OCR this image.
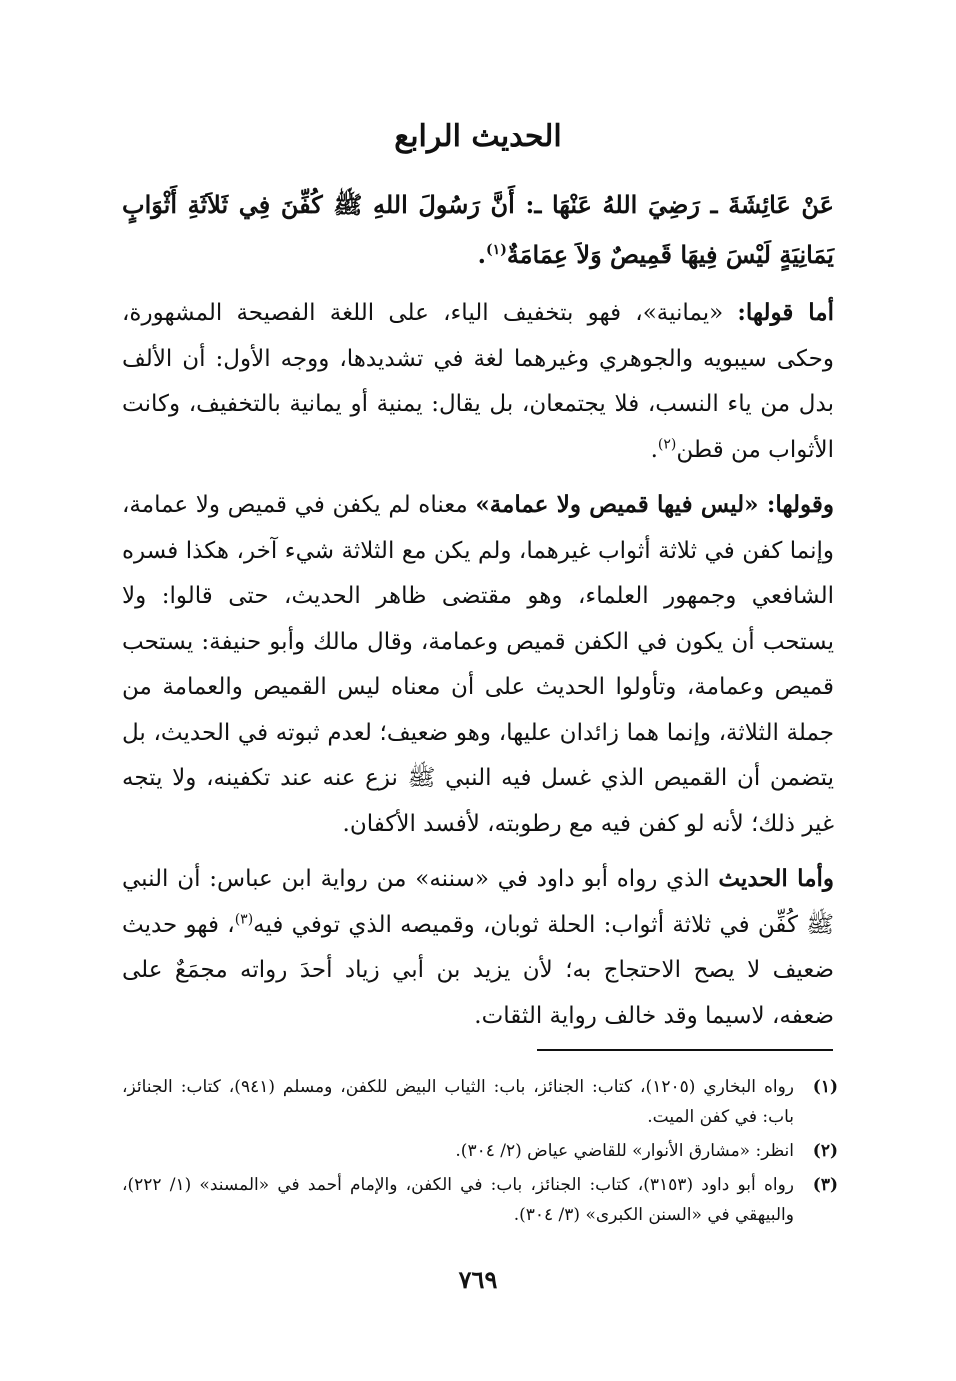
الحديث الرابع
عَنْ عَائِشَةَ ـ رَضِيَ اللهُ عَنْهَا ـ: أَنَّ رَسُولَ اللهِ ﷺ كُفِّنَ فِي ثَلاَثَةِ أَثْوَابٍ يَمَانِيَةٍ لَيْسَ فِيهَا قَمِيصٌ وَلاَ عِمَامَةٌ$^{(١)}$.

أما قولها: «يمانية»، فهو بتخفيف الياء، على اللغة الفصيحة المشهورة، وحكى سيبويه والجوهري وغيرهما لغة في تشديدها، ووجه الأول: أن الألف بدل من ياء النسب، فلا يجتمعان، بل يقال: يمنية أو يمانية بالتخفيف، وكانت الأثواب من قطن$^{(٢)}$.

وقولها: «ليس فيها قميص ولا عمامة» معناه لم يكفن في قميص ولا عمامة، وإنما كفن في ثلاثة أثواب غيرهما، ولم يكن مع الثلاثة شيء آخر، هكذا فسره الشافعي وجمهور العلماء، وهو مقتضى ظاهر الحديث، حتى قالوا: ولا يستحب أن يكون في الكفن قميص وعمامة، وقال مالك وأبو حنيفة: يستحب قميص وعمامة، وتأولوا الحديث على أن معناه ليس القميص والعمامة من جملة الثلاثة، وإنما هما زائدان عليها، وهو ضعيف؛ لعدم ثبوته في الحديث، بل يتضمن أن القميص الذي غسل فيه النبي ﷺ نزع عنه عند تكفينه، ولا يتجه غير ذلك؛ لأنه لو كفن فيه مع رطوبته، لأفسد الأكفان.

وأما الحديث الذي رواه أبو داود في «سننه» من رواية ابن عباس: أن النبي ﷺ كُفِّن في ثلاثة أثواب: الحلة ثوبان، وقميصه الذي توفي فيه$^{(٣)}$، فهو حديث ضعيف لا يصح الاحتجاج به؛ لأن يزيد بن أبي زياد أحدَ رواته مجمَعٌ على ضعفه، لاسيما وقد خالف رواية الثقات.

(١)
رواه البخاري (١٢٠٥)، كتاب: الجنائز، باب: الثياب البيض للكفن، ومسلم (٩٤١)، كتاب: الجنائز، باب: في كفن الميت.
(٢)
انظر: «مشارق الأنوار» للقاضي عياض (٢/ ٣٠٤).
(٣)
رواه أبو داود (٣١٥٣)، كتاب: الجنائز، باب: في الكفن، والإمام أحمد في «المسند» (١/ ٢٢٢)، والبيهقي في «السنن الكبرى» (٣/ ٣٠٤).
٧٦٩
